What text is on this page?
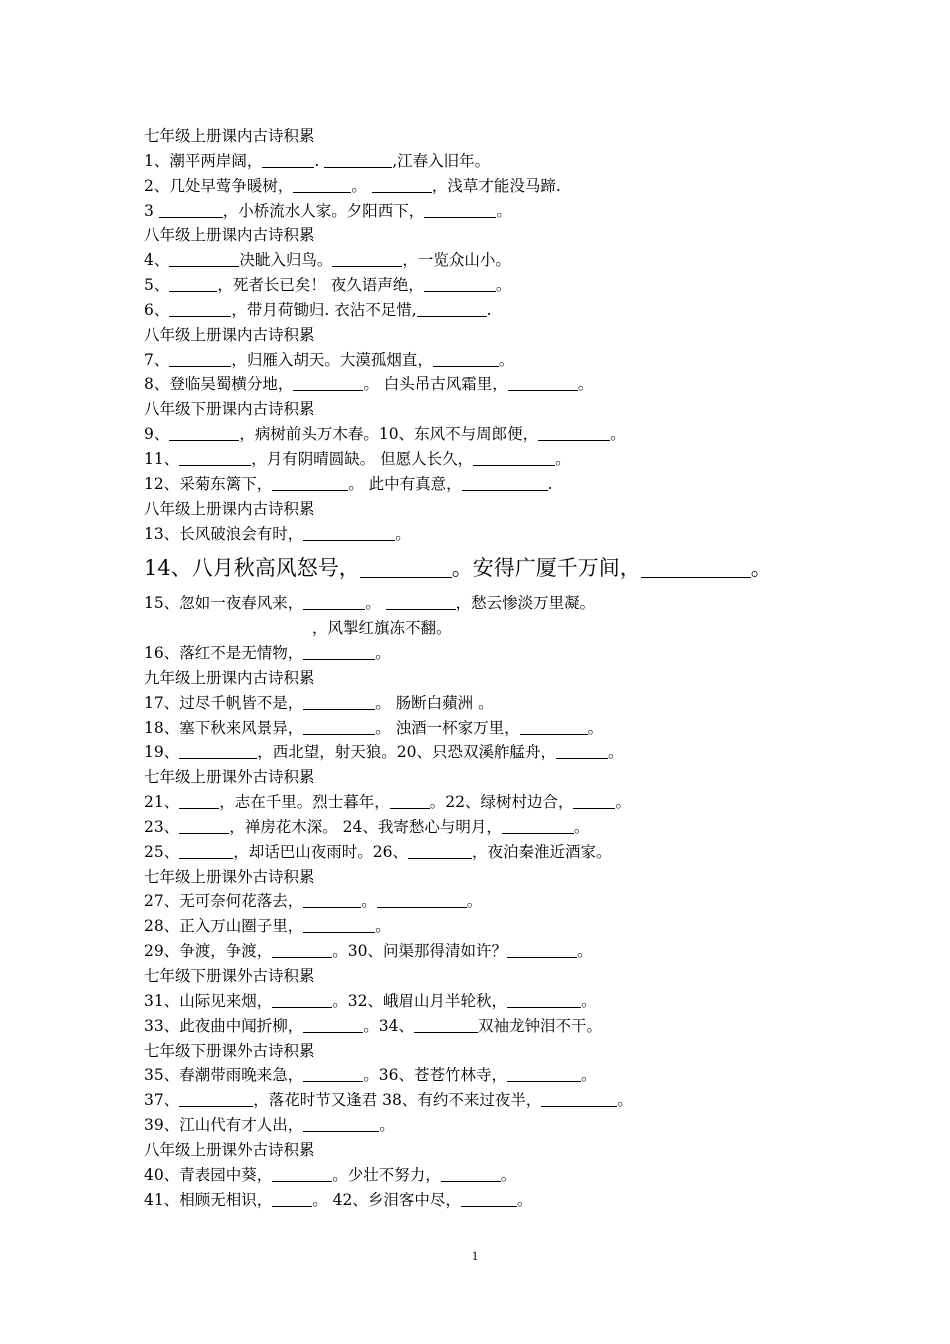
七年级上册课内古诗积累
1、潮平两岸阔，	.	,江春入旧年。
2、几处早莺争暖树，	。	，浅草才能没马蹄.
3	，小桥流水人家。夕阳西下，	。
八年级上册课内古诗积累
4、	决眦入归鸟。	，一览众山小。
5、	，死者长已矣！ 夜久语声绝，	。
6、	，带月荷锄归. 衣沾不足惜,	.
八年级上册课内古诗积累
7、	，归雁入胡天。大漠孤烟直，	。
8、登临吴蜀横分地，	。 白头吊古风霜里，	。
八年级下册课内古诗积累
9、	，病树前头万木春。10、东风不与周郎便，	。
11、	，月有阴晴圆缺。 但愿人长久，	。
12、采菊东篱下，	。 此中有真意，	.
八年级上册课内古诗积累
13、长风破浪会有时，	。
14、八月秋高风怒号，	。安得广厦千万间，	。
15、忽如一夜春风来，	。	，愁云惨淡万里凝。
，风掣红旗冻不翻。
16、落红不是无情物，	。
九年级上册课内古诗积累
17、过尽千帆皆不是，	。 肠断白蘋洲 。
18、塞下秋来风景异，	。 浊酒一杯家万里，	。
19、	，西北望，射天狼。20、只恐双溪舴艋舟，	。
七年级上册课外古诗积累
21、	，志在千里。烈士暮年，	。22、绿树村边合，	。
23、	，禅房花木深。 24、我寄愁心与明月，	。
25、	，却话巴山夜雨时。26、	，夜泊秦淮近酒家。
七年级上册课外古诗积累
27、无可奈何花落去，	。	。
28、正入万山圈子里，	。
29、争渡，争渡，	。30、问渠那得清如许？	。
七年级下册课外古诗积累
31、山际见来烟，	。32、峨眉山月半轮秋，	。
33、此夜曲中闻折柳，	。34、	双袖龙钟泪不干。
七年级下册课外古诗积累
35、春潮带雨晚来急，	。36、苍苍竹林寺，	。
37、	，落花时节又逢君 38、有约不来过夜半，	。
39、江山代有才人出，	。
八年级上册课外古诗积累
40、青表园中葵，	。少壮不努力，	。
41、相顾无相识，	。 42、乡泪客中尽，	。
1
